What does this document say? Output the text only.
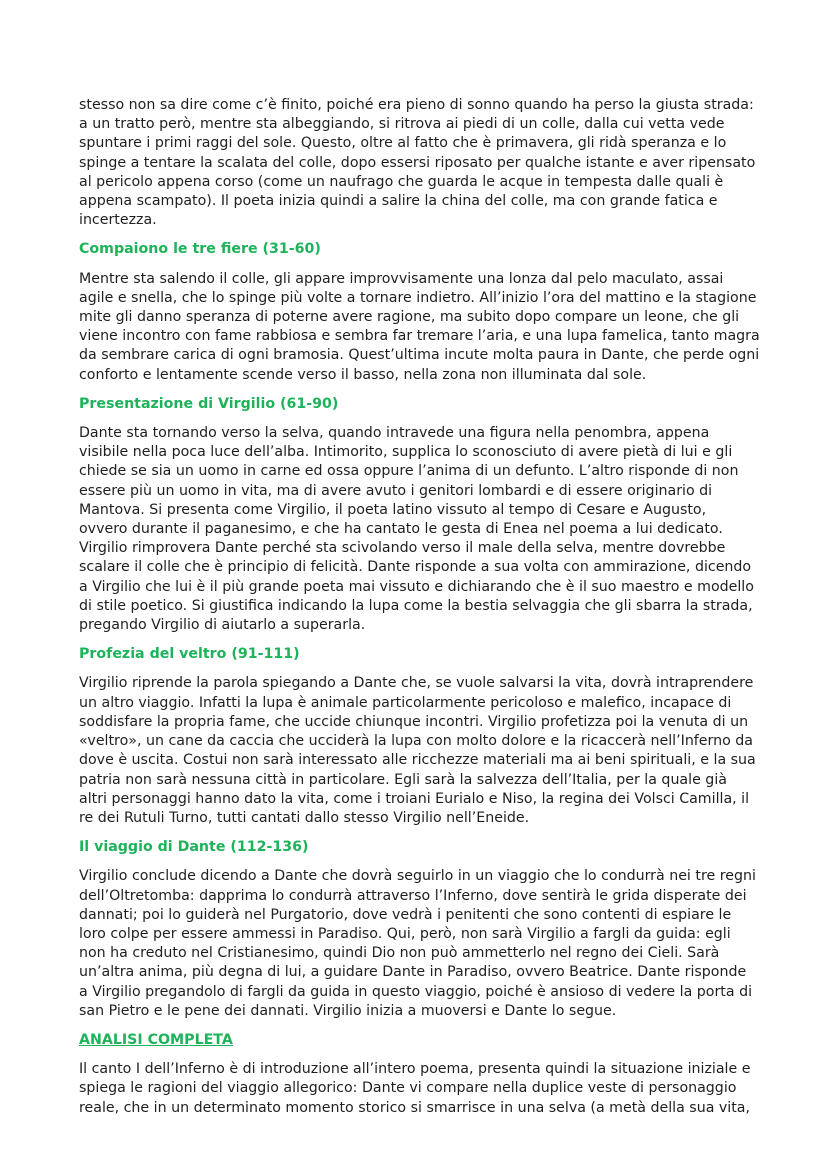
stesso non sa dire come c’è finito, poiché era pieno di sonno quando ha perso la giusta strada:
a un tratto però, mentre sta albeggiando, si ritrova ai piedi di un colle, dalla cui vetta vede
spuntare i primi raggi del sole. Questo, oltre al fatto che è primavera, gli ridà speranza e lo
spinge a tentare la scalata del colle, dopo essersi riposato per qualche istante e aver ripensato
al pericolo appena corso (come un naufrago che guarda le acque in tempesta dalle quali è
appena scampato). Il poeta inizia quindi a salire la china del colle, ma con grande fatica e
incertezza.

Compaiono le tre fiere (31-60)

Mentre sta salendo il colle, gli appare improvvisamente una lonza dal pelo maculato, assai
agile e snella, che lo spinge più volte a tornare indietro. All’inizio l’ora del mattino e la stagione
mite gli danno speranza di poterne avere ragione, ma subito dopo compare un leone, che gli
viene incontro con fame rabbiosa e sembra far tremare l’aria, e una lupa famelica, tanto magra
da sembrare carica di ogni bramosia. Quest’ultima incute molta paura in Dante, che perde ogni
conforto e lentamente scende verso il basso, nella zona non illuminata dal sole.

Presentazione di Virgilio (61-90)

Dante sta tornando verso la selva, quando intravede una figura nella penombra, appena
visibile nella poca luce dell’alba. Intimorito, supplica lo sconosciuto di avere pietà di lui e gli
chiede se sia un uomo in carne ed ossa oppure l’anima di un defunto. L’altro risponde di non
essere più un uomo in vita, ma di avere avuto i genitori lombardi e di essere originario di
Mantova. Si presenta come Virgilio, il poeta latino vissuto al tempo di Cesare e Augusto,
ovvero durante il paganesimo, e che ha cantato le gesta di Enea nel poema a lui dedicato.
Virgilio rimprovera Dante perché sta scivolando verso il male della selva, mentre dovrebbe
scalare il colle che è principio di felicità. Dante risponde a sua volta con ammirazione, dicendo
a Virgilio che lui è il più grande poeta mai vissuto e dichiarando che è il suo maestro e modello
di stile poetico. Si giustifica indicando la lupa come la bestia selvaggia che gli sbarra la strada,
pregando Virgilio di aiutarlo a superarla.

Profezia del veltro (91-111)

Virgilio riprende la parola spiegando a Dante che, se vuole salvarsi la vita, dovrà intraprendere
un altro viaggio. Infatti la lupa è animale particolarmente pericoloso e malefico, incapace di
soddisfare la propria fame, che uccide chiunque incontri. Virgilio profetizza poi la venuta di un
«veltro», un cane da caccia che ucciderà la lupa con molto dolore e la ricaccerà nell’Inferno da
dove è uscita. Costui non sarà interessato alle ricchezze materiali ma ai beni spirituali, e la sua
patria non sarà nessuna città in particolare. Egli sarà la salvezza dell’Italia, per la quale già
altri personaggi hanno dato la vita, come i troiani Eurialo e Niso, la regina dei Volsci Camilla, il
re dei Rutuli Turno, tutti cantati dallo stesso Virgilio nell’Eneide.

Il viaggio di Dante (112-136)

Virgilio conclude dicendo a Dante che dovrà seguirlo in un viaggio che lo condurrà nei tre regni
dell’Oltretomba: dapprima lo condurrà attraverso l’Inferno, dove sentirà le grida disperate dei
dannati; poi lo guiderà nel Purgatorio, dove vedrà i penitenti che sono contenti di espiare le
loro colpe per essere ammessi in Paradiso. Qui, però, non sarà Virgilio a fargli da guida: egli
non ha creduto nel Cristianesimo, quindi Dio non può ammetterlo nel regno dei Cieli. Sarà
un’altra anima, più degna di lui, a guidare Dante in Paradiso, ovvero Beatrice. Dante risponde
a Virgilio pregandolo di fargli da guida in questo viaggio, poiché è ansioso di vedere la porta di
san Pietro e le pene dei dannati. Virgilio inizia a muoversi e Dante lo segue.

ANALISI COMPLETA

Il canto I dell’Inferno è di introduzione all’intero poema, presenta quindi la situazione iniziale e
spiega le ragioni del viaggio allegorico: Dante vi compare nella duplice veste di personaggio
reale, che in un determinato momento storico si smarrisce in una selva (a metà della sua vita,
